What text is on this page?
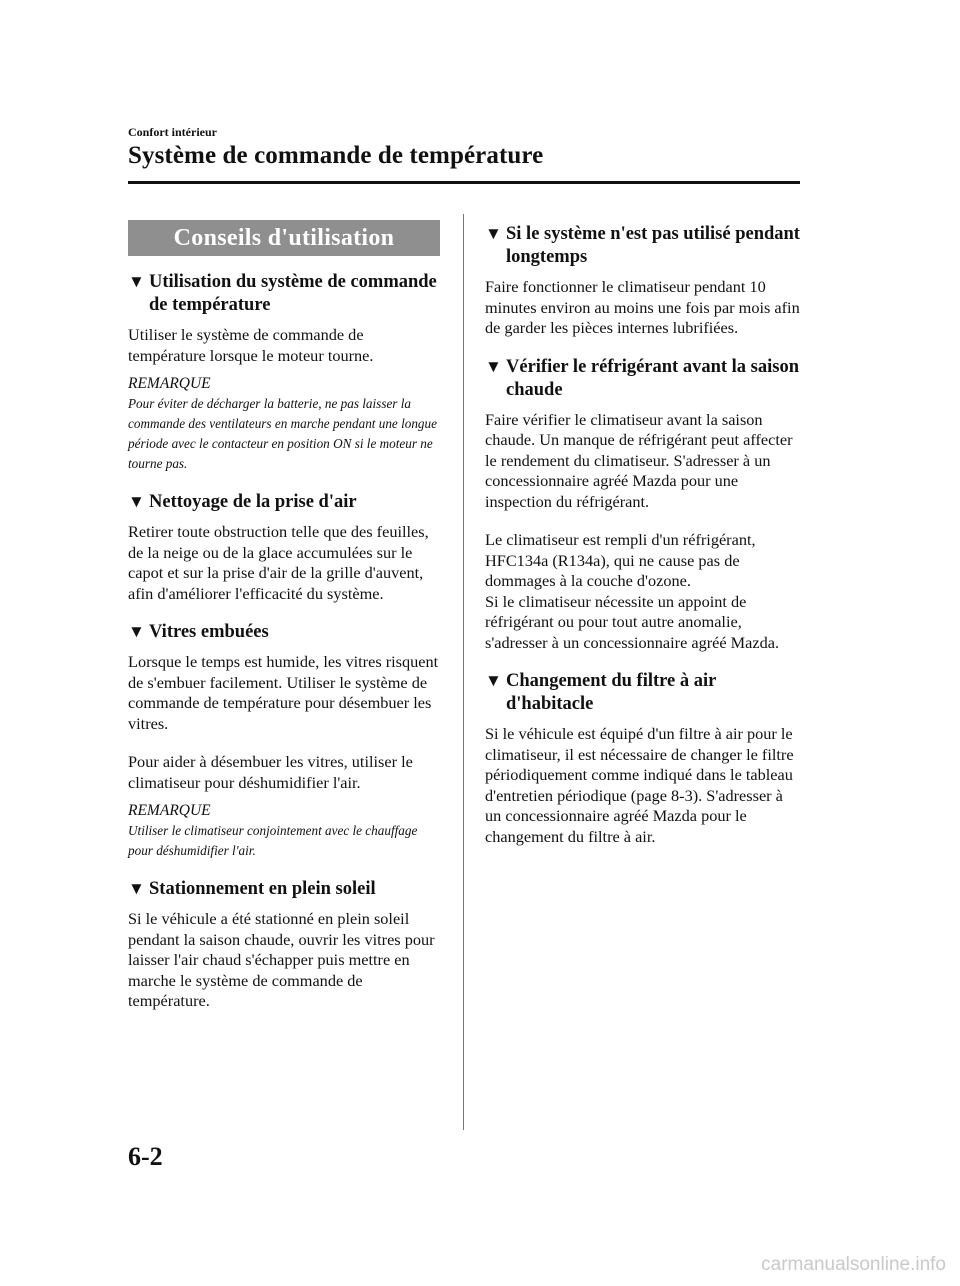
Confort intérieur
Système de commande de température
Conseils d'utilisation
▼ Utilisation du système de commande de température
Utiliser le système de commande de température lorsque le moteur tourne.
REMARQUE
Pour éviter de décharger la batterie, ne pas laisser la commande des ventilateurs en marche pendant une longue période avec le contacteur en position ON si le moteur ne tourne pas.
▼ Nettoyage de la prise d'air
Retirer toute obstruction telle que des feuilles, de la neige ou de la glace accumulées sur le capot et sur la prise d'air de la grille d'auvent, afin d'améliorer l'efficacité du système.
▼ Vitres embuées
Lorsque le temps est humide, les vitres risquent de s'embuer facilement. Utiliser le système de commande de température pour désembuer les vitres.
Pour aider à désembuer les vitres, utiliser le climatiseur pour déshumidifier l'air.
REMARQUE
Utiliser le climatiseur conjointement avec le chauffage pour déshumidifier l'air.
▼ Stationnement en plein soleil
Si le véhicule a été stationné en plein soleil pendant la saison chaude, ouvrir les vitres pour laisser l'air chaud s'échapper puis mettre en marche le système de commande de température.
▼ Si le système n'est pas utilisé pendant longtemps
Faire fonctionner le climatiseur pendant 10 minutes environ au moins une fois par mois afin de garder les pièces internes lubrifiées.
▼ Vérifier le réfrigérant avant la saison chaude
Faire vérifier le climatiseur avant la saison chaude. Un manque de réfrigérant peut affecter le rendement du climatiseur. S'adresser à un concessionnaire agréé Mazda pour une inspection du réfrigérant.
Le climatiseur est rempli d'un réfrigérant, HFC134a (R134a), qui ne cause pas de dommages à la couche d'ozone.
Si le climatiseur nécessite un appoint de réfrigérant ou pour tout autre anomalie, s'adresser à un concessionnaire agréé Mazda.
▼ Changement du filtre à air d'habitacle
Si le véhicule est équipé d'un filtre à air pour le climatiseur, il est nécessaire de changer le filtre périodiquement comme indiqué dans le tableau d'entretien périodique (page 8-3). S'adresser à un concessionnaire agréé Mazda pour le changement du filtre à air.
6-2
carmanualsonline.info
